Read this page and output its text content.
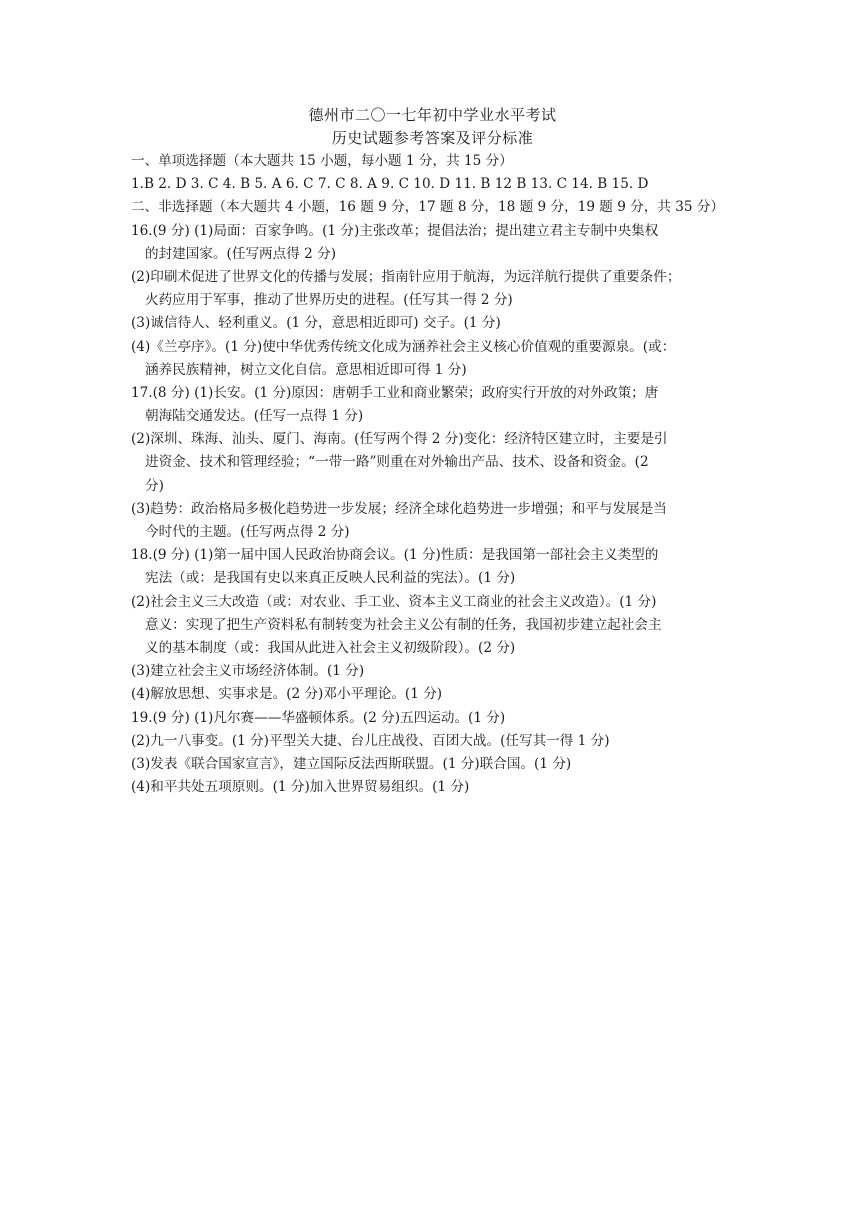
德州市二〇一七年初中学业水平考试
历史试题参考答案及评分标准
一、单项选择题（本大题共 15 小题，每小题 1 分，共 15 分）
1.B 2. D 3. C 4. B 5. A 6. C 7. C 8. A 9. C 10. D 11. B 12 B 13. C 14. B 15. D
二、非选择题（本大题共 4 小题，16 题 9 分，17 题 8 分，18 题 9 分，19 题 9 分，共 35 分）
16.(9 分) (1)局面：百家争鸣。(1 分)主张改革；提倡法治；提出建立君主专制中央集权
的封建国家。(任写两点得 2 分)
(2)印刷术促进了世界文化的传播与发展；指南针应用于航海，为远洋航行提供了重要条件；
火药应用于军事，推动了世界历史的进程。(任写其一得 2 分)
(3)诚信待人、轻利重义。(1 分，意思相近即可) 交子。(1 分)
(4)《兰亭序》。(1 分)使中华优秀传统文化成为涵养社会主义核心价值观的重要源泉。(或：
涵养民族精神，树立文化自信。意思相近即可得 1 分)
17.(8 分) (1)长安。(1 分)原因：唐朝手工业和商业繁荣；政府实行开放的对外政策；唐
朝海陆交通发达。(任写一点得 1 分)
(2)深圳、珠海、汕头、厦门、海南。(任写两个得 2 分)变化：经济特区建立时，主要是引
进资金、技术和管理经验；“一带一路”则重在对外输出产品、技术、设备和资金。(2
分)
(3)趋势：政治格局多极化趋势进一步发展；经济全球化趋势进一步增强；和平与发展是当
今时代的主题。(任写两点得 2 分)
18.(9 分) (1)第一届中国人民政治协商会议。(1 分)性质：是我国第一部社会主义类型的
宪法（或：是我国有史以来真正反映人民利益的宪法）。(1 分)
(2)社会主义三大改造（或：对农业、手工业、资本主义工商业的社会主义改造）。(1 分)
意义：实现了把生产资料私有制转变为社会主义公有制的任务，我国初步建立起社会主
义的基本制度（或：我国从此进入社会主义初级阶段）。(2 分)
(3)建立社会主义市场经济体制。(1 分)
(4)解放思想、实事求是。(2 分)邓小平理论。(1 分)
19.(9 分) (1)凡尔赛——华盛顿体系。(2 分)五四运动。(1 分)
(2)九一八事变。(1 分)平型关大捷、台儿庄战役、百团大战。(任写其一得 1 分)
(3)发表《联合国家宣言》，建立国际反法西斯联盟。(1 分)联合国。(1 分)
(4)和平共处五项原则。(1 分)加入世界贸易组织。(1 分)
